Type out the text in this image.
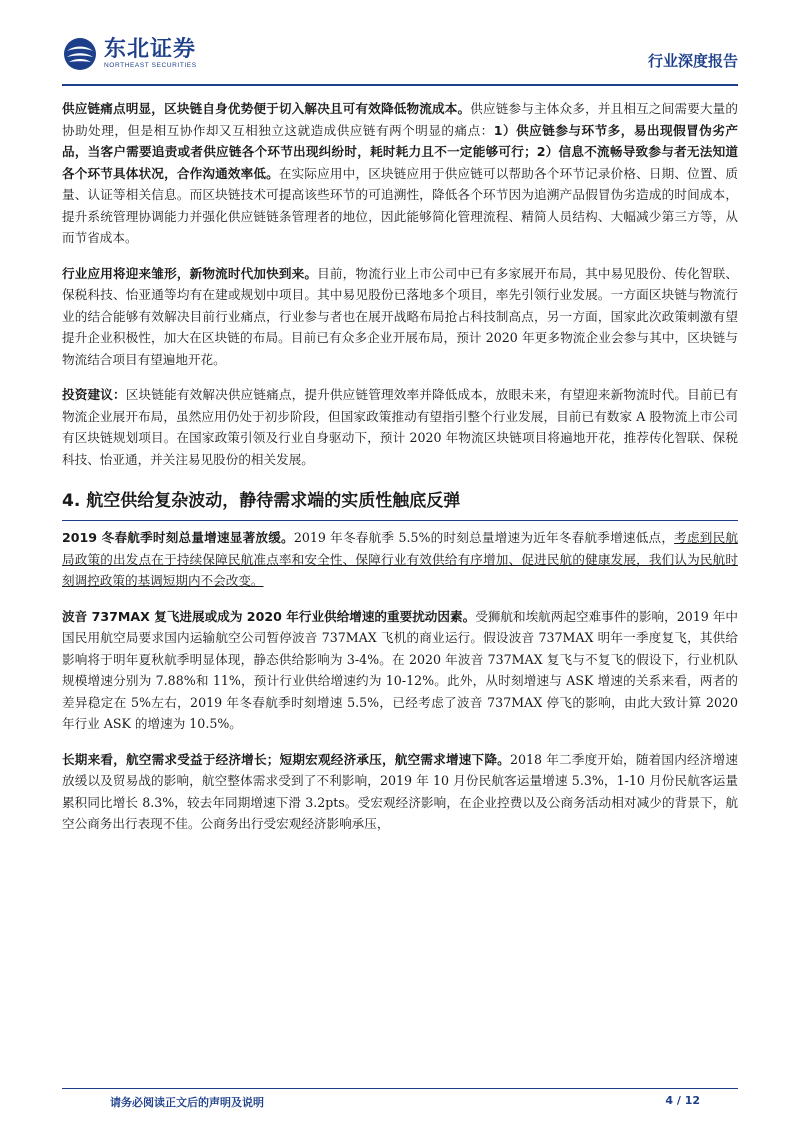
东北证券
NORTHEAST SECURITIES	行业深度报告

供应链痛点明显，区块链自身优势便于切入解决且可有效降低物流成本。供应链参与主体众多，并且相互之间需要大量的协助处理，但是相互协作却又互相独立这就造成供应链有两个明显的痛点：1）供应链参与环节多，易出现假冒伪劣产品，当客户需要追责或者供应链各个环节出现纠纷时，耗时耗力且不一定能够可行；2）信息不流畅导致参与者无法知道各个环节具体状况，合作沟通效率低。在实际应用中，区块链应用于供应链可以帮助各个环节记录价格、日期、位置、质量、认证等相关信息。而区块链技术可提高该些环节的可追溯性，降低各个环节因为追溯产品假冒伪劣造成的时间成本，提升系统管理协调能力并强化供应链链条管理者的地位，因此能够简化管理流程、精简人员结构、大幅减少第三方等，从而节省成本。

行业应用将迎来雏形，新物流时代加快到来。目前，物流行业上市公司中已有多家展开布局，其中易见股份、传化智联、保税科技、怡亚通等均有在建或规划中项目。其中易见股份已落地多个项目，率先引领行业发展。一方面区块链与物流行业的结合能够有效解决目前行业痛点，行业参与者也在展开战略布局抢占科技制高点，另一方面，国家此次政策刺激有望提升企业积极性，加大在区块链的布局。目前已有众多企业开展布局，预计 2020 年更多物流企业会参与其中，区块链与物流结合项目有望遍地开花。

投资建议：区块链能有效解决供应链痛点，提升供应链管理效率并降低成本，放眼未来，有望迎来新物流时代。目前已有物流企业展开布局，虽然应用仍处于初步阶段，但国家政策推动有望指引整个行业发展，目前已有数家 A 股物流上市公司有区块链规划项目。在国家政策引领及行业自身驱动下，预计 2020 年物流区块链项目将遍地开花，推荐传化智联、保税科技、怡亚通，并关注易见股份的相关发展。

4. 航空供给复杂波动，静待需求端的实质性触底反弹

2019 冬春航季时刻总量增速显著放缓。2019 年冬春航季 5.5%的时刻总量增速为近年冬春航季增速低点，考虑到民航局政策的出发点在于持续保障民航准点率和安全性、保障行业有效供给有序增加、促进民航的健康发展，我们认为民航时刻调控政策的基调短期内不会改变。

波音 737MAX 复飞进展或成为 2020 年行业供给增速的重要扰动因素。受狮航和埃航两起空难事件的影响，2019 年中国民用航空局要求国内运输航空公司暂停波音 737MAX 飞机的商业运行。假设波音 737MAX 明年一季度复飞，其供给影响将于明年夏秋航季明显体现，静态供给影响为 3-4%。在 2020 年波音 737MAX 复飞与不复飞的假设下，行业机队规模增速分别为 7.88%和 11%，预计行业供给增速约为 10-12%。此外，从时刻增速与 ASK 增速的关系来看，两者的差异稳定在 5%左右，2019 年冬春航季时刻增速 5.5%，已经考虑了波音 737MAX 停飞的影响，由此大致计算 2020 年行业 ASK 的增速为 10.5%。

长期来看，航空需求受益于经济增长；短期宏观经济承压，航空需求增速下降。2018 年二季度开始，随着国内经济增速放缓以及贸易战的影响，航空整体需求受到了不利影响，2019 年 10 月份民航客运量增速 5.3%，1-10 月份民航客运量累积同比增长 8.3%，较去年同期增速下滑 3.2pts。受宏观经济影响，在企业控费以及公商务活动相对减少的背景下，航空公商务出行表现不佳。公商务出行受宏观经济影响承压，

请务必阅读正文后的声明及说明	4 / 12
